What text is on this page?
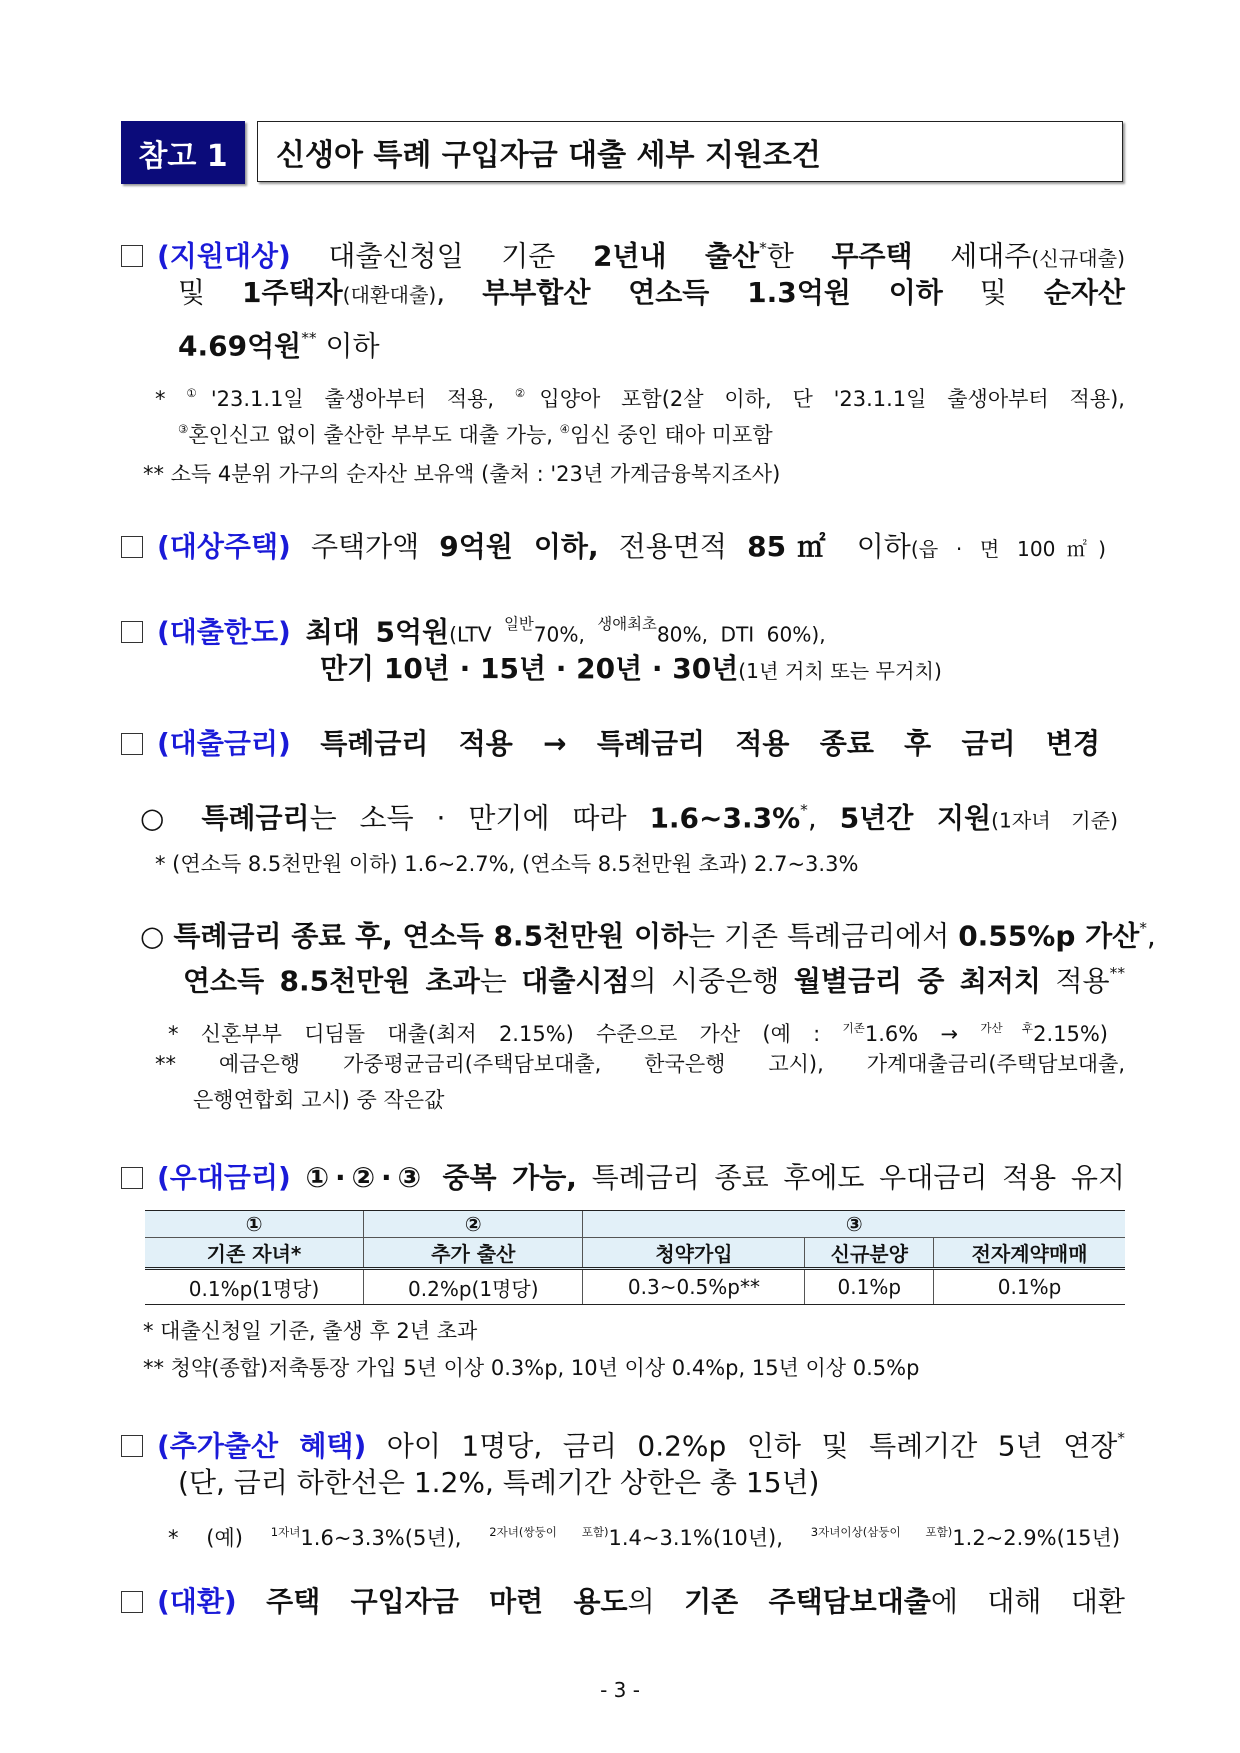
참고 1	신생아 특례 구입자금 대출 세부 지원조건
(지원대상) 대출신청일 기준 2년내 출산*한 무주택 세대주(신규대출)
및 1주택자(대환대출), 부부합산 연소득 1.3억원 이하 및 순자산
4.69억원** 이하
* ①'23.1.1일 출생아부터 적용, ②입양아 포함(2살 이하, 단 '23.1.1일 출생아부터 적용),
③혼인신고 없이 출산한 부부도 대출 가능, ④임신 중인 태아 미포함
** 소득 4분위 가구의 순자산 보유액 (출처 : '23년 가계금융복지조사)
(대상주택) 주택가액 9억원 이하, 전용면적 85㎡ 이하(읍 · 면 100㎡)
(대출한도) 최대 5억원(LTV $^{일반}$70%, $^{생애최초}$80%, DTI 60%),
만기 10년 · 15년 · 20년 · 30년(1년 거치 또는 무거치)
(대출금리) 특례금리 적용 → 특례금리 적용 종료 후 금리 변경
○ 특례금리는 소득 · 만기에 따라 1.6~3.3%*, 5년간 지원(1자녀 기준)
* (연소득 8.5천만원 이하) 1.6~2.7%, (연소득 8.5천만원 초과) 2.7~3.3%
○ 특례금리 종료 후, 연소득 8.5천만원 이하는 기존 특례금리에서 0.55%p 가산*,
연소득 8.5천만원 초과는 대출시점의 시중은행 월별금리 중 최저치 적용**
* 신혼부부 디딤돌 대출(최저 2.15%) 수준으로 가산 (예 : $^{기존}$1.6% → $^{가산 후}$2.15%)
** 예금은행 가중평균금리(주택담보대출, 한국은행 고시), 가계대출금리(주택담보대출,
은행연합회 고시) 중 작은값
(우대금리) ①·②·③ 중복 가능, 특례금리 종료 후에도 우대금리 적용 유지
①	②	③		
기존 자녀*	추가 출산	청약가입	신규분양	전자계약매매
0.1%p(1명당)	0.2%p(1명당)	0.3~0.5%p**	0.1%p	0.1%p
* 대출신청일 기준, 출생 후 2년 초과
** 청약(종합)저축통장 가입 5년 이상 0.3%p, 10년 이상 0.4%p, 15년 이상 0.5%p
(추가출산 혜택) 아이 1명당, 금리 0.2%p 인하 및 특례기간 5년 연장*
(단, 금리 하한선은 1.2%, 특례기간 상한은 총 15년)
* (예) $^{1자녀}$1.6~3.3%(5년), $^{2자녀(쌍둥이 포함)}$1.4~3.1%(10년), $^{3자녀이상(삼둥이 포함)}$1.2~2.9%(15년)
(대환) 주택 구입자금 마련 용도의 기존 주택담보대출에 대해 대환
- 3 -
